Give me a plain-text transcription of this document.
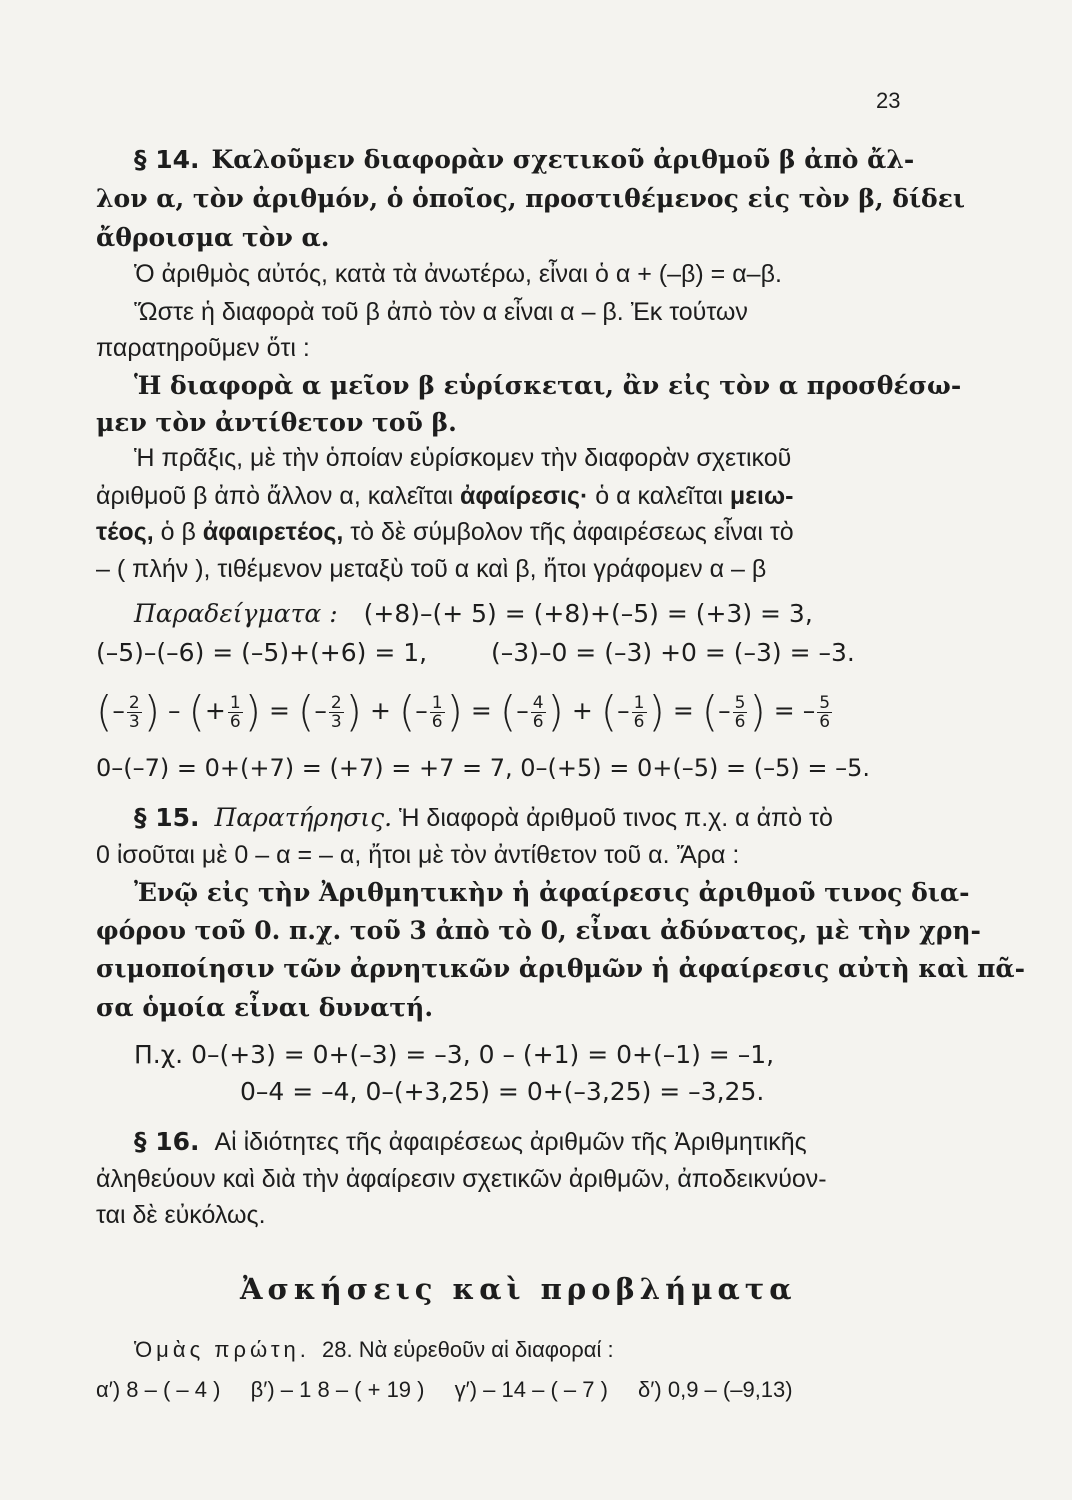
23
§ 14. Καλοῦμεν διαφορὰν σχετικοῦ ἀριθμοῦ β ἀπὸ ἄλ-
λον α, τὸν ἀριθμόν, ὁ ὁποῖος, προστιθέμενος εἰς τὸν β, δίδει
ἄθροισμα τὸν α.
Ὁ ἀριθμὸς αὐτός, κατὰ τὰ ἀνωτέρω, εἶναι ὁ α + (–β) = α–β.
Ὥστε ἡ διαφορὰ τοῦ β ἀπὸ τὸν α εἶναι α – β. Ἐκ τούτων
παρατηροῦμεν ὅτι :
Ἡ διαφορὰ α μεῖον β εὑρίσκεται, ἂν εἰς τὸν α προσθέσω-
μεν τὸν ἀντίθετον τοῦ β.
Ἡ πρᾶξις, μὲ τὴν ὁποίαν εὑρίσκομεν τὴν διαφορὰν σχετικοῦ
ἀριθμοῦ β ἀπὸ ἄλλον α, καλεῖται ἀφαίρεσις· ὁ α καλεῖται μειω-
τέος, ὁ β ἀφαιρετέος, τὸ δὲ σύμβολον τῆς ἀφαιρέσεως εἶναι τὸ
– ( πλήν ), τιθέμενον μεταξὺ τοῦ α καὶ β, ἤτοι γράφομεν α – β
Παραδείγματα : (+8)–(+ 5) = (+8)+(–5) = (+3) = 3,
(–5)–(–6) = (–5)+(+6) = 1,	(–3)–0 = (–3) +0 = (–3) = –3.
(– $\frac{2}{3}$ ) – (+ $\frac{1}{6}$ ) = (– $\frac{2}{3}$ ) + (– $\frac{1}{6}$ ) = (– $\frac{4}{6}$ ) + (– $\frac{1}{6}$ ) = (– $\frac{5}{6}$ ) = – $\frac{5}{6}$
0–(–7) = 0+(+7) = (+7) = +7 = 7, 0–(+5) = 0+(–5) = (–5) = –5.
§ 15. Παρατήρησις. Ἡ διαφορὰ ἀριθμοῦ τινος π.χ. α ἀπὸ τὸ
0 ἰσοῦται μὲ 0 – α = – α, ἤτοι μὲ τὸν ἀντίθετον τοῦ α. Ἄρα :
Ἐνῷ εἰς τὴν Ἀριθμητικὴν ἡ ἀφαίρεσις ἀριθμοῦ τινος δια-
φόρου τοῦ 0. π.χ. τοῦ 3 ἀπὸ τὸ 0, εἶναι ἀδύνατος, μὲ τὴν χρη-
σιμοποίησιν τῶν ἀρνητικῶν ἀριθμῶν ἡ ἀφαίρεσις αὐτὴ καὶ πᾶ-
σα ὁμοία εἶναι δυνατή.
Π.χ. 0–(+3) = 0+(–3) = –3, 0 – (+1) = 0+(–1) = –1,
0–4 = –4, 0–(+3,25) = 0+(–3,25) = –3,25.
§ 16. Αἱ ἰδιότητες τῆς ἀφαιρέσεως ἀριθμῶν τῆς Ἀριθμητικῆς
ἀληθεύουν καὶ διὰ τὴν ἀφαίρεσιν σχετικῶν ἀριθμῶν, ἀποδεικνύον-
ται δὲ εὐκόλως.
Ἀσκήσεις καὶ προβλήματα
Ὁμὰς πρώτη. 28. Νὰ εὑρεθοῦν αἱ διαφοραί :
α′) 8 – ( – 4 ) β′) – 1 8 – ( + 19 ) γ′) – 14 – ( – 7 ) δ′) 0,9 – (–9,13)
